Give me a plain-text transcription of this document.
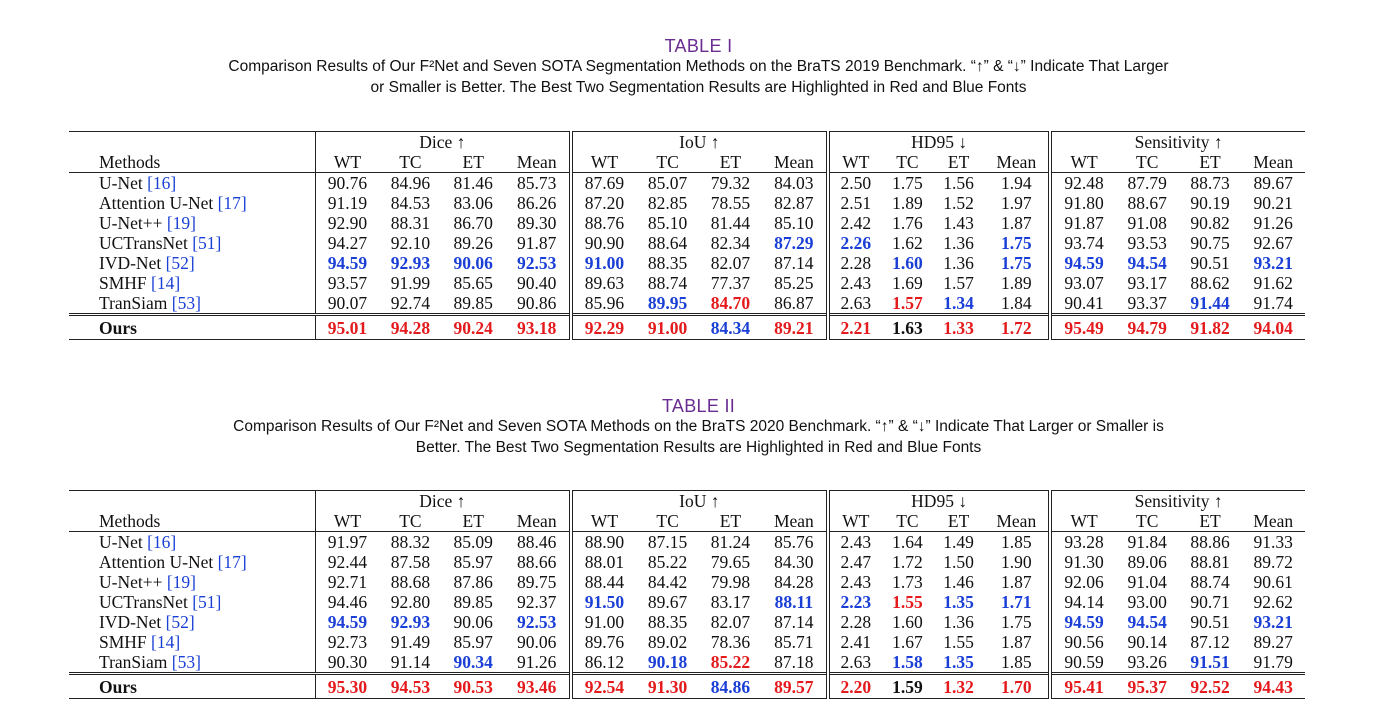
TABLE I
Comparison Results of Our F²Net and Seven SOTA Segmentation Methods on the BraTS 2019 Benchmark. “↑” & “↓” Indicate That Larger
or Smaller is Better. The Best Two Segmentation Results are Highlighted in Red and Blue Fonts
	Dice ↑				IoU ↑				HD95 ↓				Sensitivity ↑			
Methods	WT	TC	ET	Mean	WT	TC	ET	Mean	WT	TC	ET	Mean	WT	TC	ET	Mean
U-Net [16]	90.76	84.96	81.46	85.73	87.69	85.07	79.32	84.03	2.50	1.75	1.56	1.94	92.48	87.79	88.73	89.67
Attention U-Net [17]	91.19	84.53	83.06	86.26	87.20	82.85	78.55	82.87	2.51	1.89	1.52	1.97	91.80	88.67	90.19	90.21
U-Net++ [19]	92.90	88.31	86.70	89.30	88.76	85.10	81.44	85.10	2.42	1.76	1.43	1.87	91.87	91.08	90.82	91.26
UCTransNet [51]	94.27	92.10	89.26	91.87	90.90	88.64	82.34	87.29	2.26	1.62	1.36	1.75	93.74	93.53	90.75	92.67
IVD-Net [52]	94.59	92.93	90.06	92.53	91.00	88.35	82.07	87.14	2.28	1.60	1.36	1.75	94.59	94.54	90.51	93.21
SMHF [14]	93.57	91.99	85.65	90.40	89.63	88.74	77.37	85.25	2.43	1.69	1.57	1.89	93.07	93.17	88.62	91.62
TranSiam [53]	90.07	92.74	89.85	90.86	85.96	89.95	84.70	86.87	2.63	1.57	1.34	1.84	90.41	93.37	91.44	91.74
Ours	95.01	94.28	90.24	93.18	92.29	91.00	84.34	89.21	2.21	1.63	1.33	1.72	95.49	94.79	91.82	94.04
TABLE II
Comparison Results of Our F²Net and Seven SOTA Methods on the BraTS 2020 Benchmark. “↑” & “↓” Indicate That Larger or Smaller is
Better. The Best Two Segmentation Results are Highlighted in Red and Blue Fonts
	Dice ↑				IoU ↑				HD95 ↓				Sensitivity ↑			
Methods	WT	TC	ET	Mean	WT	TC	ET	Mean	WT	TC	ET	Mean	WT	TC	ET	Mean
U-Net [16]	91.97	88.32	85.09	88.46	88.90	87.15	81.24	85.76	2.43	1.64	1.49	1.85	93.28	91.84	88.86	91.33
Attention U-Net [17]	92.44	87.58	85.97	88.66	88.01	85.22	79.65	84.30	2.47	1.72	1.50	1.90	91.30	89.06	88.81	89.72
U-Net++ [19]	92.71	88.68	87.86	89.75	88.44	84.42	79.98	84.28	2.43	1.73	1.46	1.87	92.06	91.04	88.74	90.61
UCTransNet [51]	94.46	92.80	89.85	92.37	91.50	89.67	83.17	88.11	2.23	1.55	1.35	1.71	94.14	93.00	90.71	92.62
IVD-Net [52]	94.59	92.93	90.06	92.53	91.00	88.35	82.07	87.14	2.28	1.60	1.36	1.75	94.59	94.54	90.51	93.21
SMHF [14]	92.73	91.49	85.97	90.06	89.76	89.02	78.36	85.71	2.41	1.67	1.55	1.87	90.56	90.14	87.12	89.27
TranSiam [53]	90.30	91.14	90.34	91.26	86.12	90.18	85.22	87.18	2.63	1.58	1.35	1.85	90.59	93.26	91.51	91.79
Ours	95.30	94.53	90.53	93.46	92.54	91.30	84.86	89.57	2.20	1.59	1.32	1.70	95.41	95.37	92.52	94.43
